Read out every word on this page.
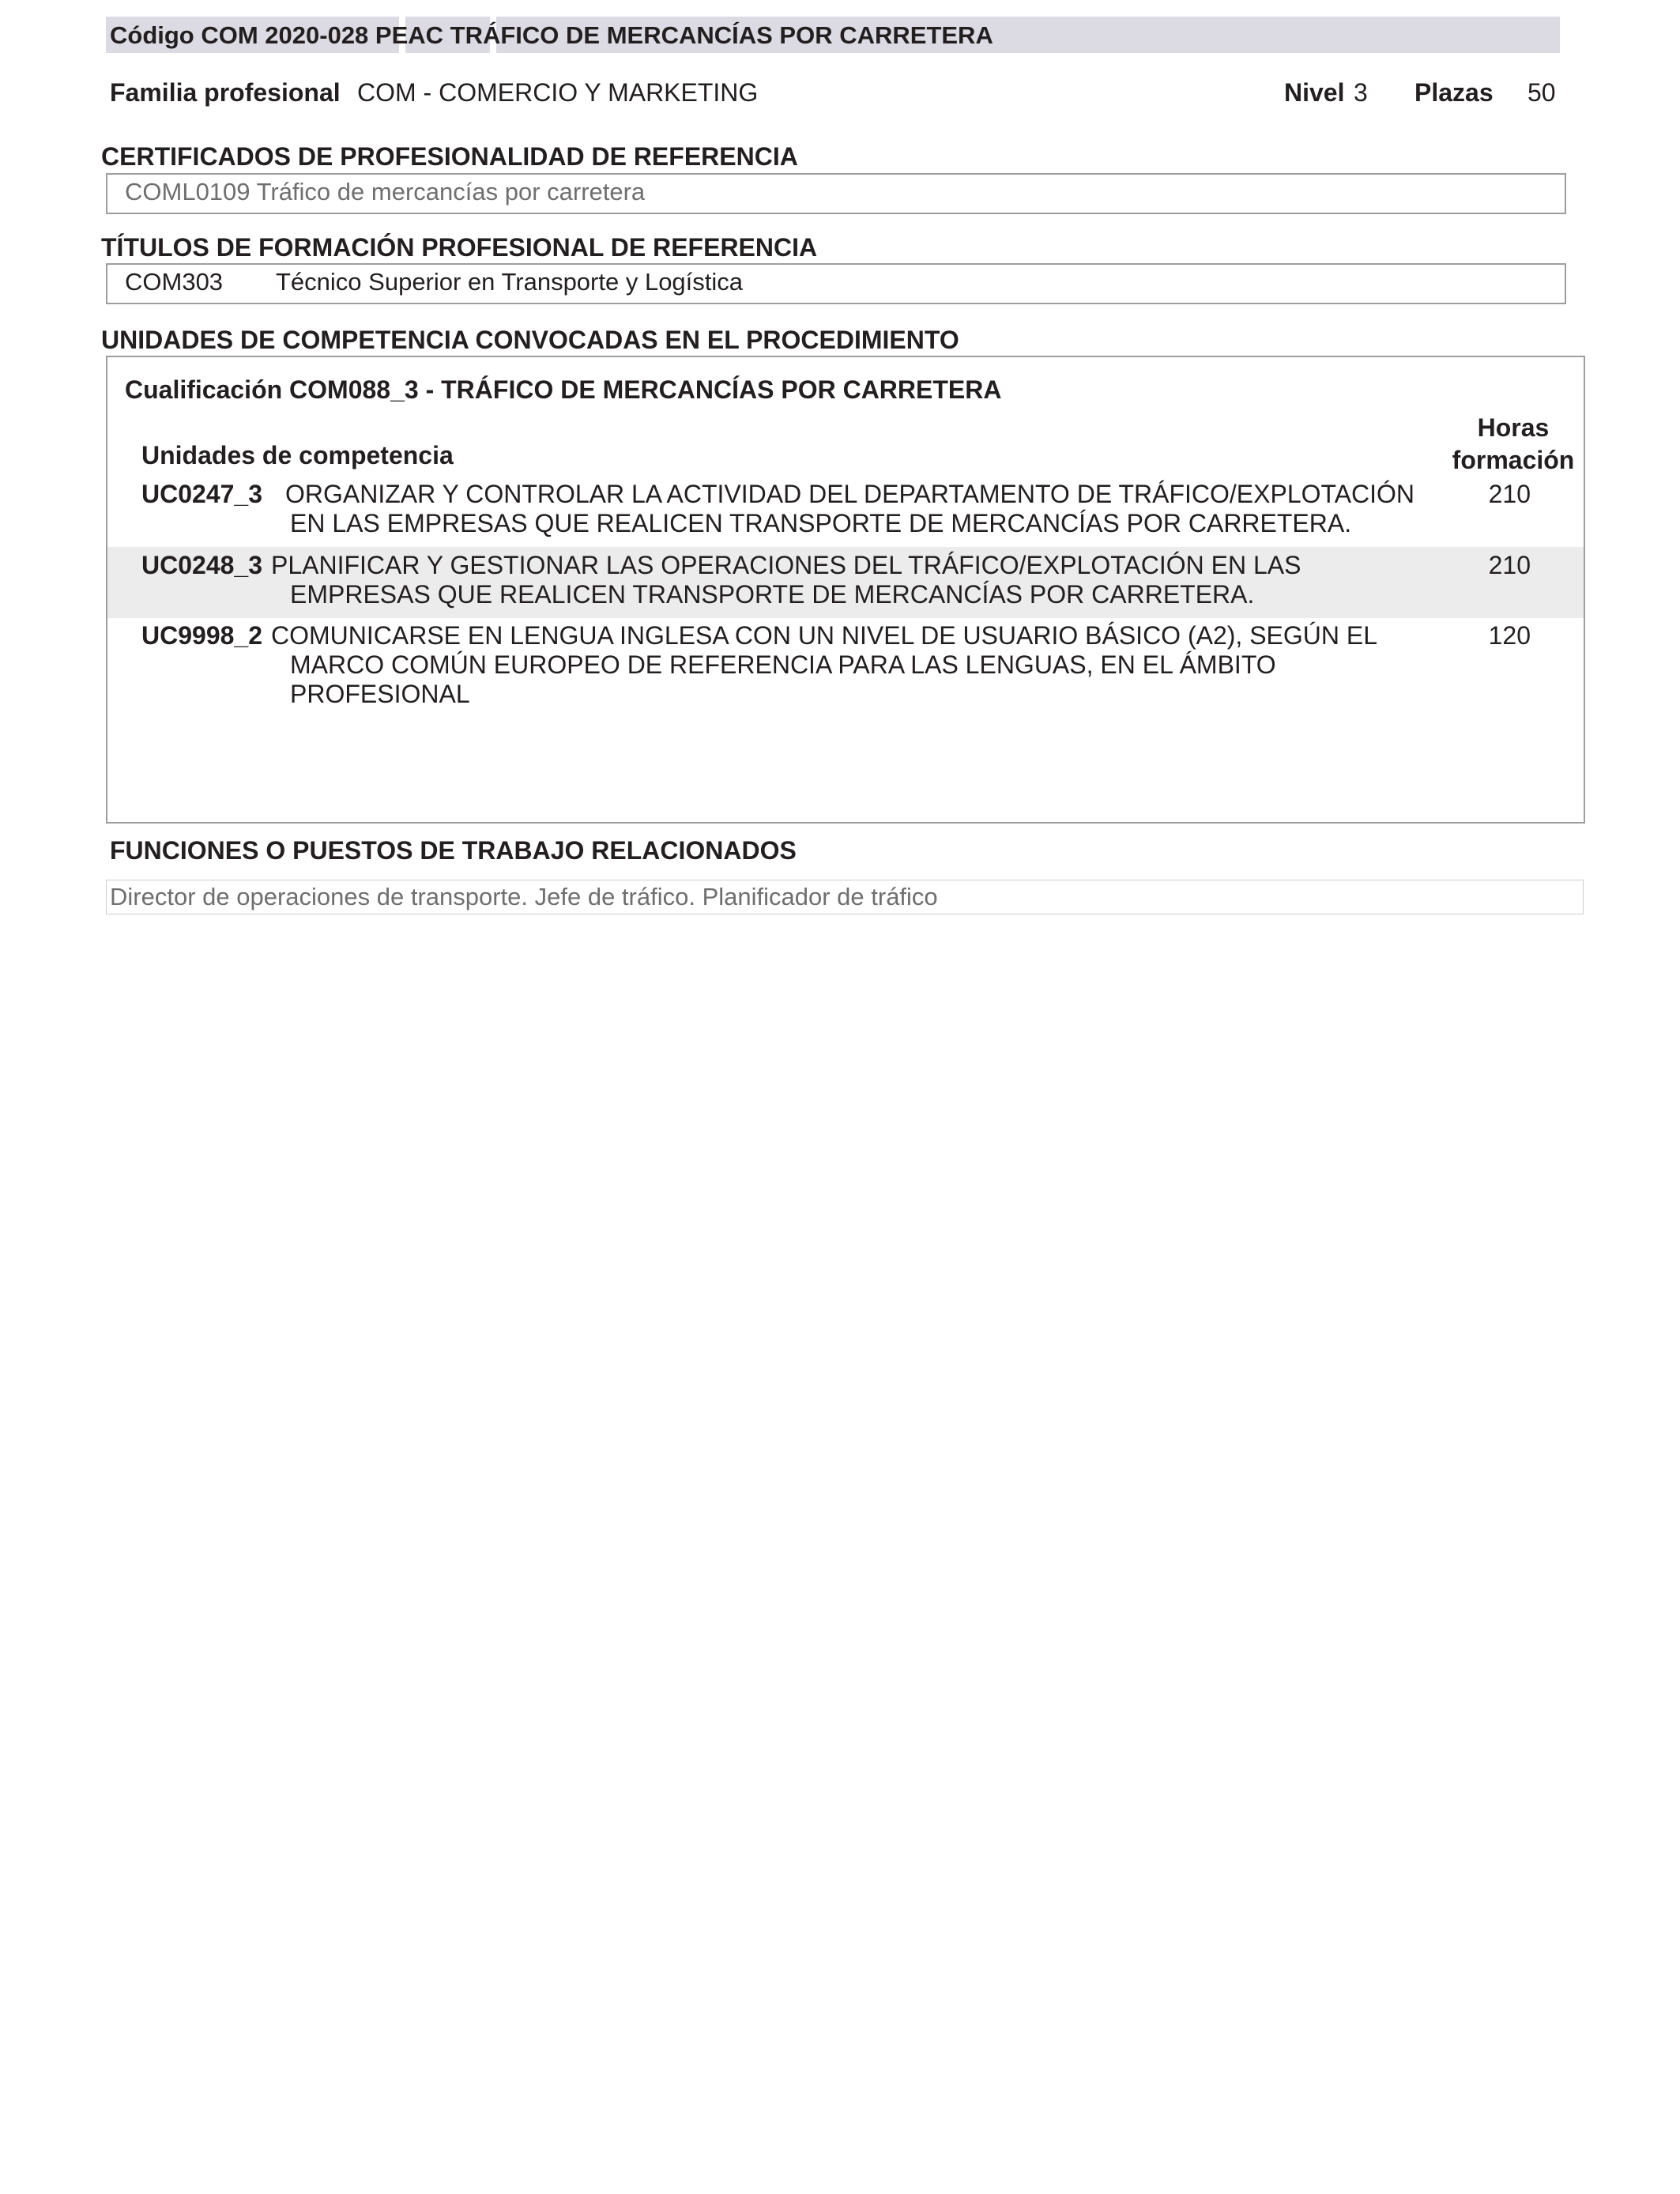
Código COM 2020-028 PEAC TRÁFICO DE MERCANCÍAS POR CARRETERA
Familia profesional COM - COMERCIO Y MARKETING	Nivel 3 Plazas 50
CERTIFICADOS DE PROFESIONALIDAD DE REFERENCIA
COML0109 Tráfico de mercancías por carretera
TÍTULOS DE FORMACIÓN PROFESIONAL DE REFERENCIA
COM303 Técnico Superior en Transporte y Logística
UNIDADES DE COMPETENCIA CONVOCADAS EN EL PROCEDIMIENTO
Cualificación COM088_3 - TRÁFICO DE MERCANCÍAS POR CARRETERA
Unidades de competencia
Horas
formación
UC0247_3 ORGANIZAR Y CONTROLAR LA ACTIVIDAD DEL DEPARTAMENTO DE TRÁFICO/EXPLOTACIÓN
EN LAS EMPRESAS QUE REALICEN TRANSPORTE DE MERCANCÍAS POR CARRETERA.
210
UC0248_3 PLANIFICAR Y GESTIONAR LAS OPERACIONES DEL TRÁFICO/EXPLOTACIÓN EN LAS
EMPRESAS QUE REALICEN TRANSPORTE DE MERCANCÍAS POR CARRETERA.
210
UC9998_2 COMUNICARSE EN LENGUA INGLESA CON UN NIVEL DE USUARIO BÁSICO (A2), SEGÚN EL
MARCO COMÚN EUROPEO DE REFERENCIA PARA LAS LENGUAS, EN EL ÁMBITO
PROFESIONAL
120
FUNCIONES O PUESTOS DE TRABAJO RELACIONADOS
Director de operaciones de transporte. Jefe de tráfico. Planificador de tráfico
